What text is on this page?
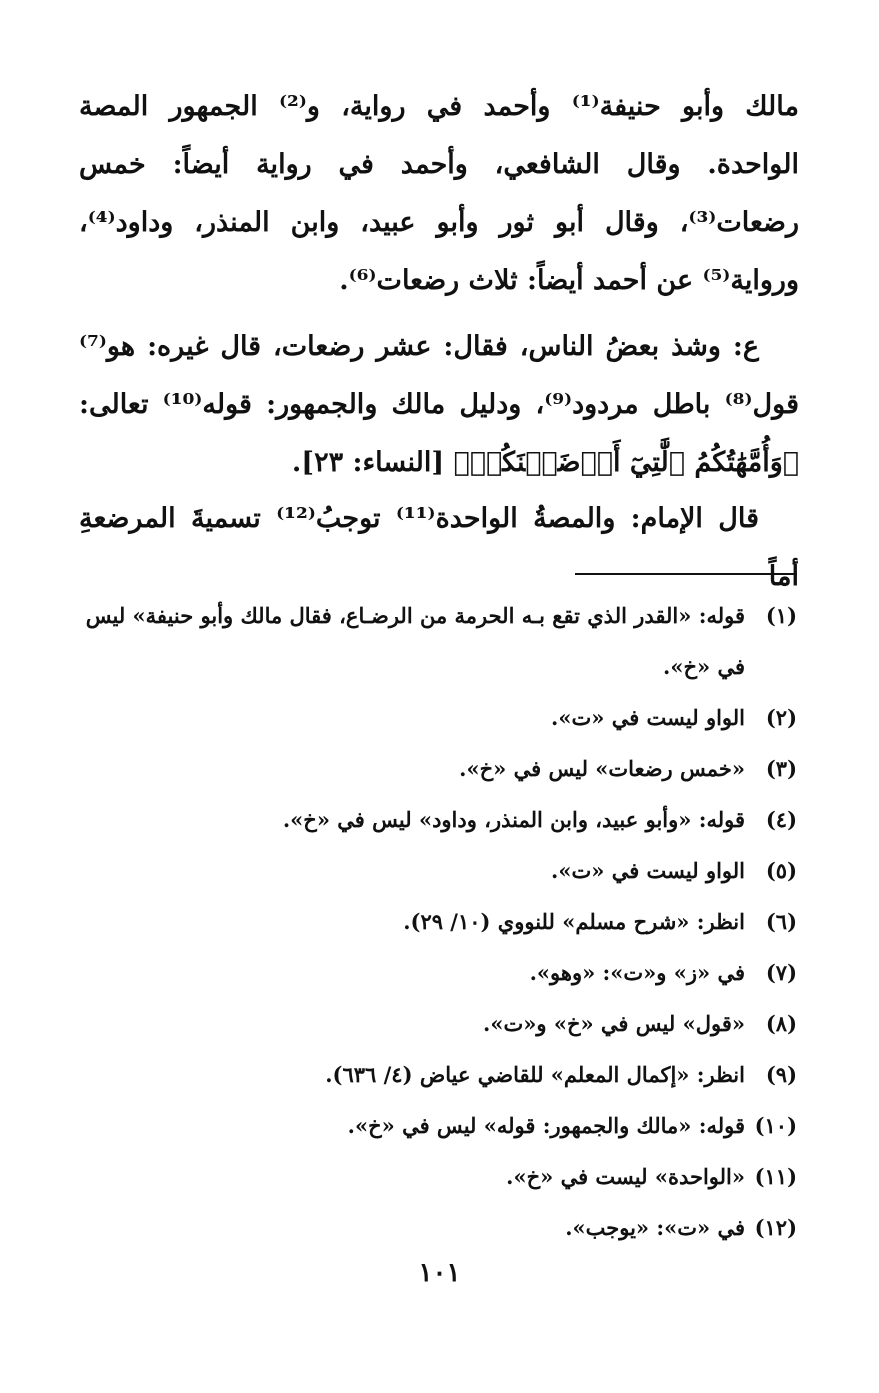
مالك وأبو حنيفة⁽¹⁾ وأحمد في رواية، و⁽²⁾ الجمهور المصة الواحدة. وقال الشافعي، وأحمد في رواية أيضاً: خمس رضعات⁽³⁾، وقال أبو ثور وأبو عبيد، وابن المنذر، وداود⁽⁴⁾، ورواية⁽⁵⁾ عن أحمد أيضاً: ثلاث رضعات⁽⁶⁾.

ع: وشذ بعضُ الناس، فقال: عشر رضعات، قال غيره: هو⁽⁷⁾ قول⁽⁸⁾ باطل مردود⁽⁹⁾، ودليل مالك والجمهور: قوله⁽¹⁰⁾ تعالى: ﴿وَأُمَّهَٰتُكُمُ ٱلَّٰتِيٓ أَرۡضَعۡنَكُمۡ﴾ [النساء: ٢٣].

قال الإمام: والمصةُ الواحدة⁽¹¹⁾ توجبُ⁽¹²⁾ تسميةَ المرضعةِ أماً

(١)
قوله: «القدر الذي تقع بـه الحرمة من الرضـاع، فقال مالك وأبو حنيفة» ليس في «خ».
(٢)
الواو ليست في «ت».
(٣)
«خمس رضعات» ليس في «خ».
(٤)
قوله: «وأبو عبيد، وابن المنذر، وداود» ليس في «خ».
(٥)
الواو ليست في «ت».
(٦)
انظر: «شرح مسلم» للنووي (١٠/ ٢٩).
(٧)
في «ز» و«ت»: «وهو».
(٨)
«قول» ليس في «خ» و«ت».
(٩)
انظر: «إكمال المعلم» للقاضي عياض (٤/ ٦٣٦).
(١٠)
قوله: «مالك والجمهور: قوله» ليس في «خ».
(١١)
«الواحدة» ليست في «خ».
(١٢)
في «ت»: «يوجب».
١٠١
